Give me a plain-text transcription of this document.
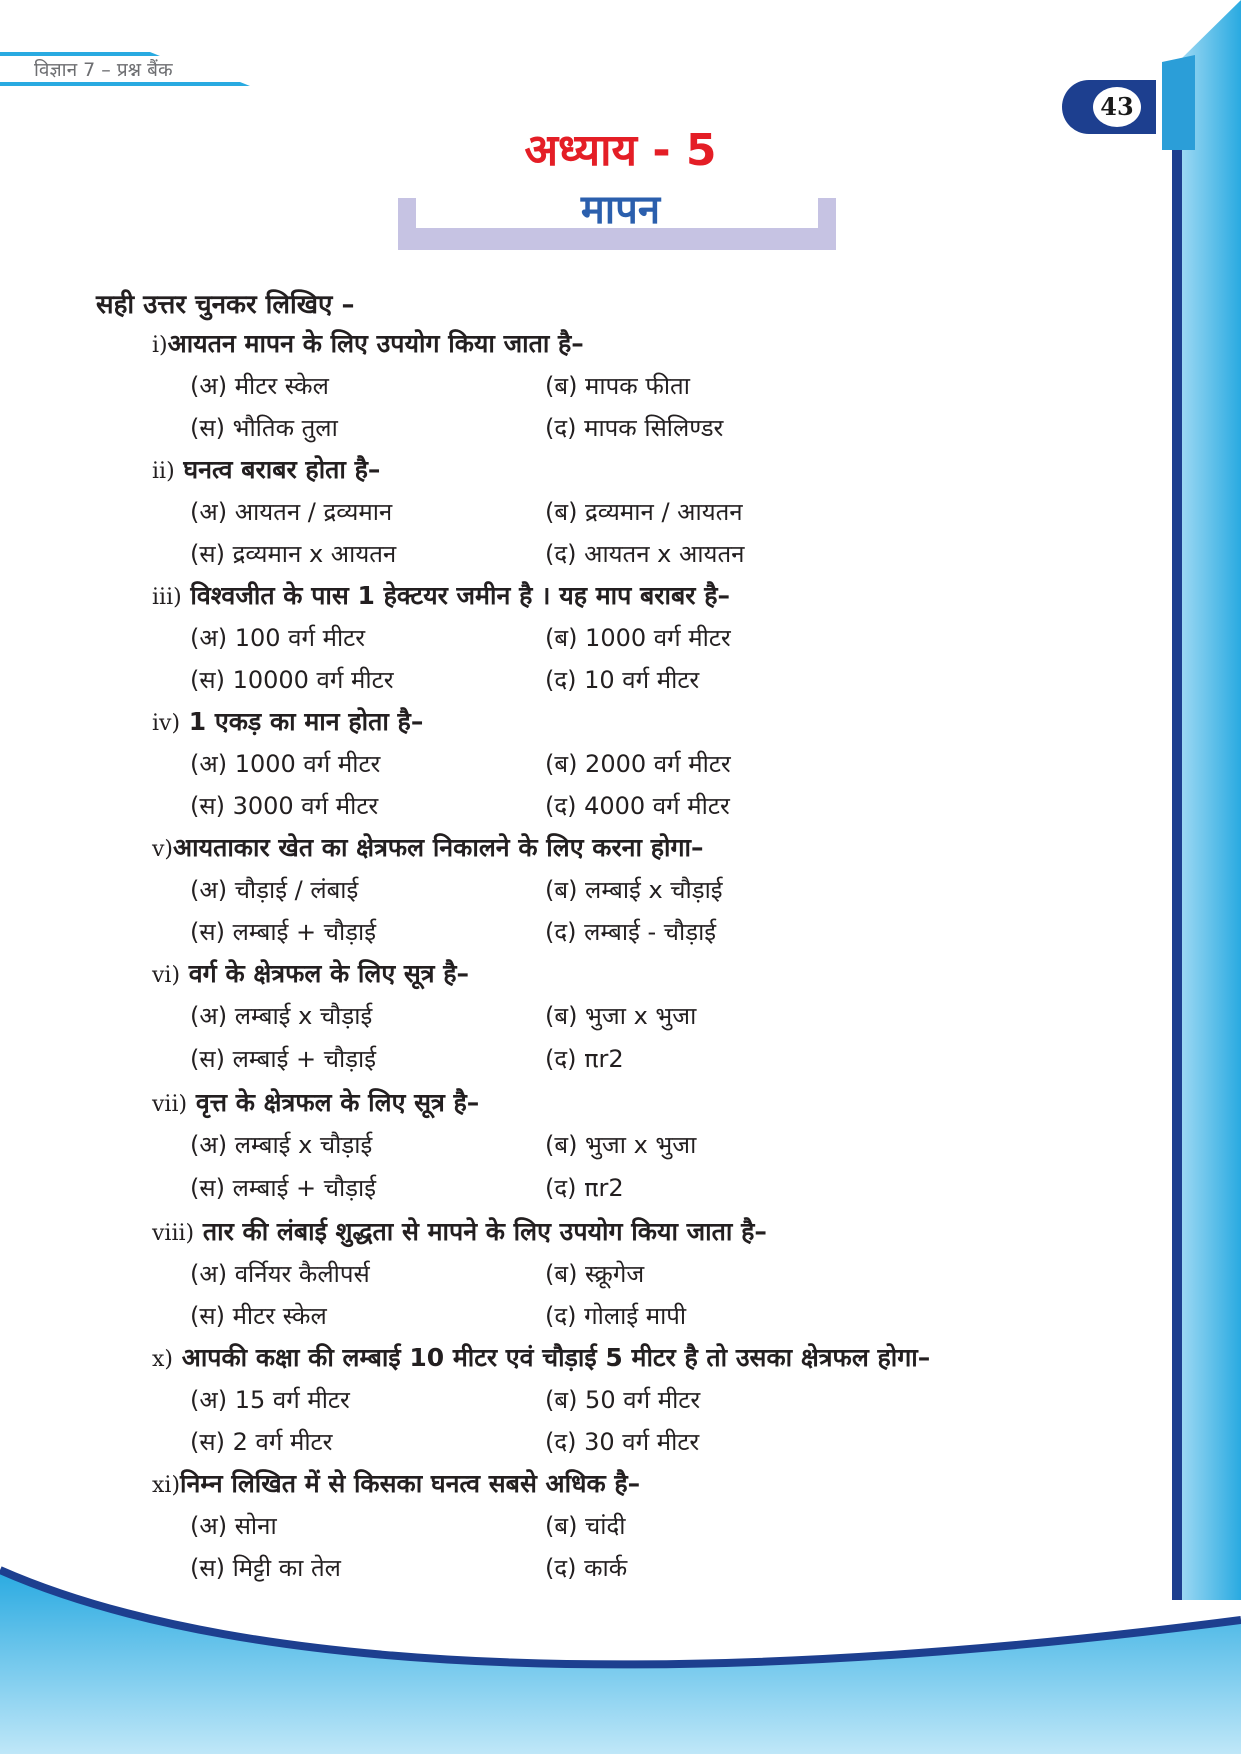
विज्ञान 7 – प्रश्न बैंक
43
अध्याय - 5
मापन
सही उत्तर चुनकर लिखिए –
i)आयतन मापन के लिए उपयोग किया जाता है–
(अ) मीटर स्केल	(ब) मापक फीता
(स) भौतिक तुला	(द) मापक सिलिण्डर
ii) घनत्व बराबर होता है–
(अ) आयतन / द्रव्यमान	(ब) द्रव्यमान / आयतन
(स) द्रव्यमान x आयतन	(द) आयतन x आयतन
iii) विश्वजीत के पास 1 हेक्टयर जमीन है । यह माप बराबर है–
(अ) 100 वर्ग मीटर	(ब) 1000 वर्ग मीटर
(स) 10000 वर्ग मीटर	(द) 10 वर्ग मीटर
iv) 1 एकड़ का मान होता है–
(अ) 1000 वर्ग मीटर	(ब) 2000 वर्ग मीटर
(स) 3000 वर्ग मीटर	(द) 4000 वर्ग मीटर
v)आयताकार खेत का क्षेत्रफल निकालने के लिए करना होगा–
(अ) चौड़ाई / लंबाई	(ब) लम्बाई x चौड़ाई
(स) लम्बाई + चौड़ाई	(द) लम्बाई - चौड़ाई
vi) वर्ग के क्षेत्रफल के लिए सूत्र है–
(अ) लम्बाई x चौड़ाई	(ब) भुजा x भुजा
(स) लम्बाई + चौड़ाई	(द) πr2
vii) वृत्त के क्षेत्रफल के लिए सूत्र है–
(अ) लम्बाई x चौड़ाई	(ब) भुजा x भुजा
(स) लम्बाई + चौड़ाई	(द) πr2
viii) तार की लंबाई शुद्धता से मापने के लिए उपयोग किया जाता है–
(अ) वर्नियर कैलीपर्स	(ब) स्क्रूगेज
(स) मीटर स्केल	(द) गोलाई मापी
x) आपकी कक्षा की लम्बाई 10 मीटर एवं चौड़ाई 5 मीटर है तो उसका क्षेत्रफल होगा–
(अ) 15 वर्ग मीटर	(ब) 50 वर्ग मीटर
(स) 2 वर्ग मीटर	(द) 30 वर्ग मीटर
xi)निम्न लिखित में से किसका घनत्व सबसे अधिक है–
(अ) सोना	(ब) चांदी
(स) मिट्टी का तेल	(द) कार्क
